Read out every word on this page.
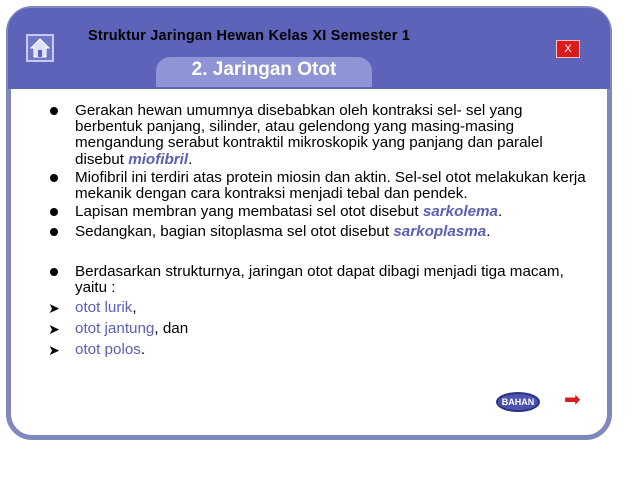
Struktur Jaringan Hewan Kelas XI Semester 1
2. Jaringan Otot
X
Gerakan hewan umumnya disebabkan oleh kontraksi sel- sel yang berbentuk panjang, silinder, atau gelendong yang masing-masing mengandung serabut kontraktil mikroskopik yang panjang dan paralel disebut miofibril.
Miofibril ini terdiri atas protein miosin dan aktin. Sel-sel otot melakukan kerja mekanik dengan cara kontraksi menjadi tebal dan pendek.
Lapisan membran yang membatasi sel otot disebut sarkolema.
Sedangkan, bagian sitoplasma sel otot disebut sarkoplasma.
Berdasarkan strukturnya, jaringan otot dapat dibagi menjadi tiga macam, yaitu :
➤ otot lurik,
➤ otot jantung, dan
➤ otot polos.
BAHAN ➡
